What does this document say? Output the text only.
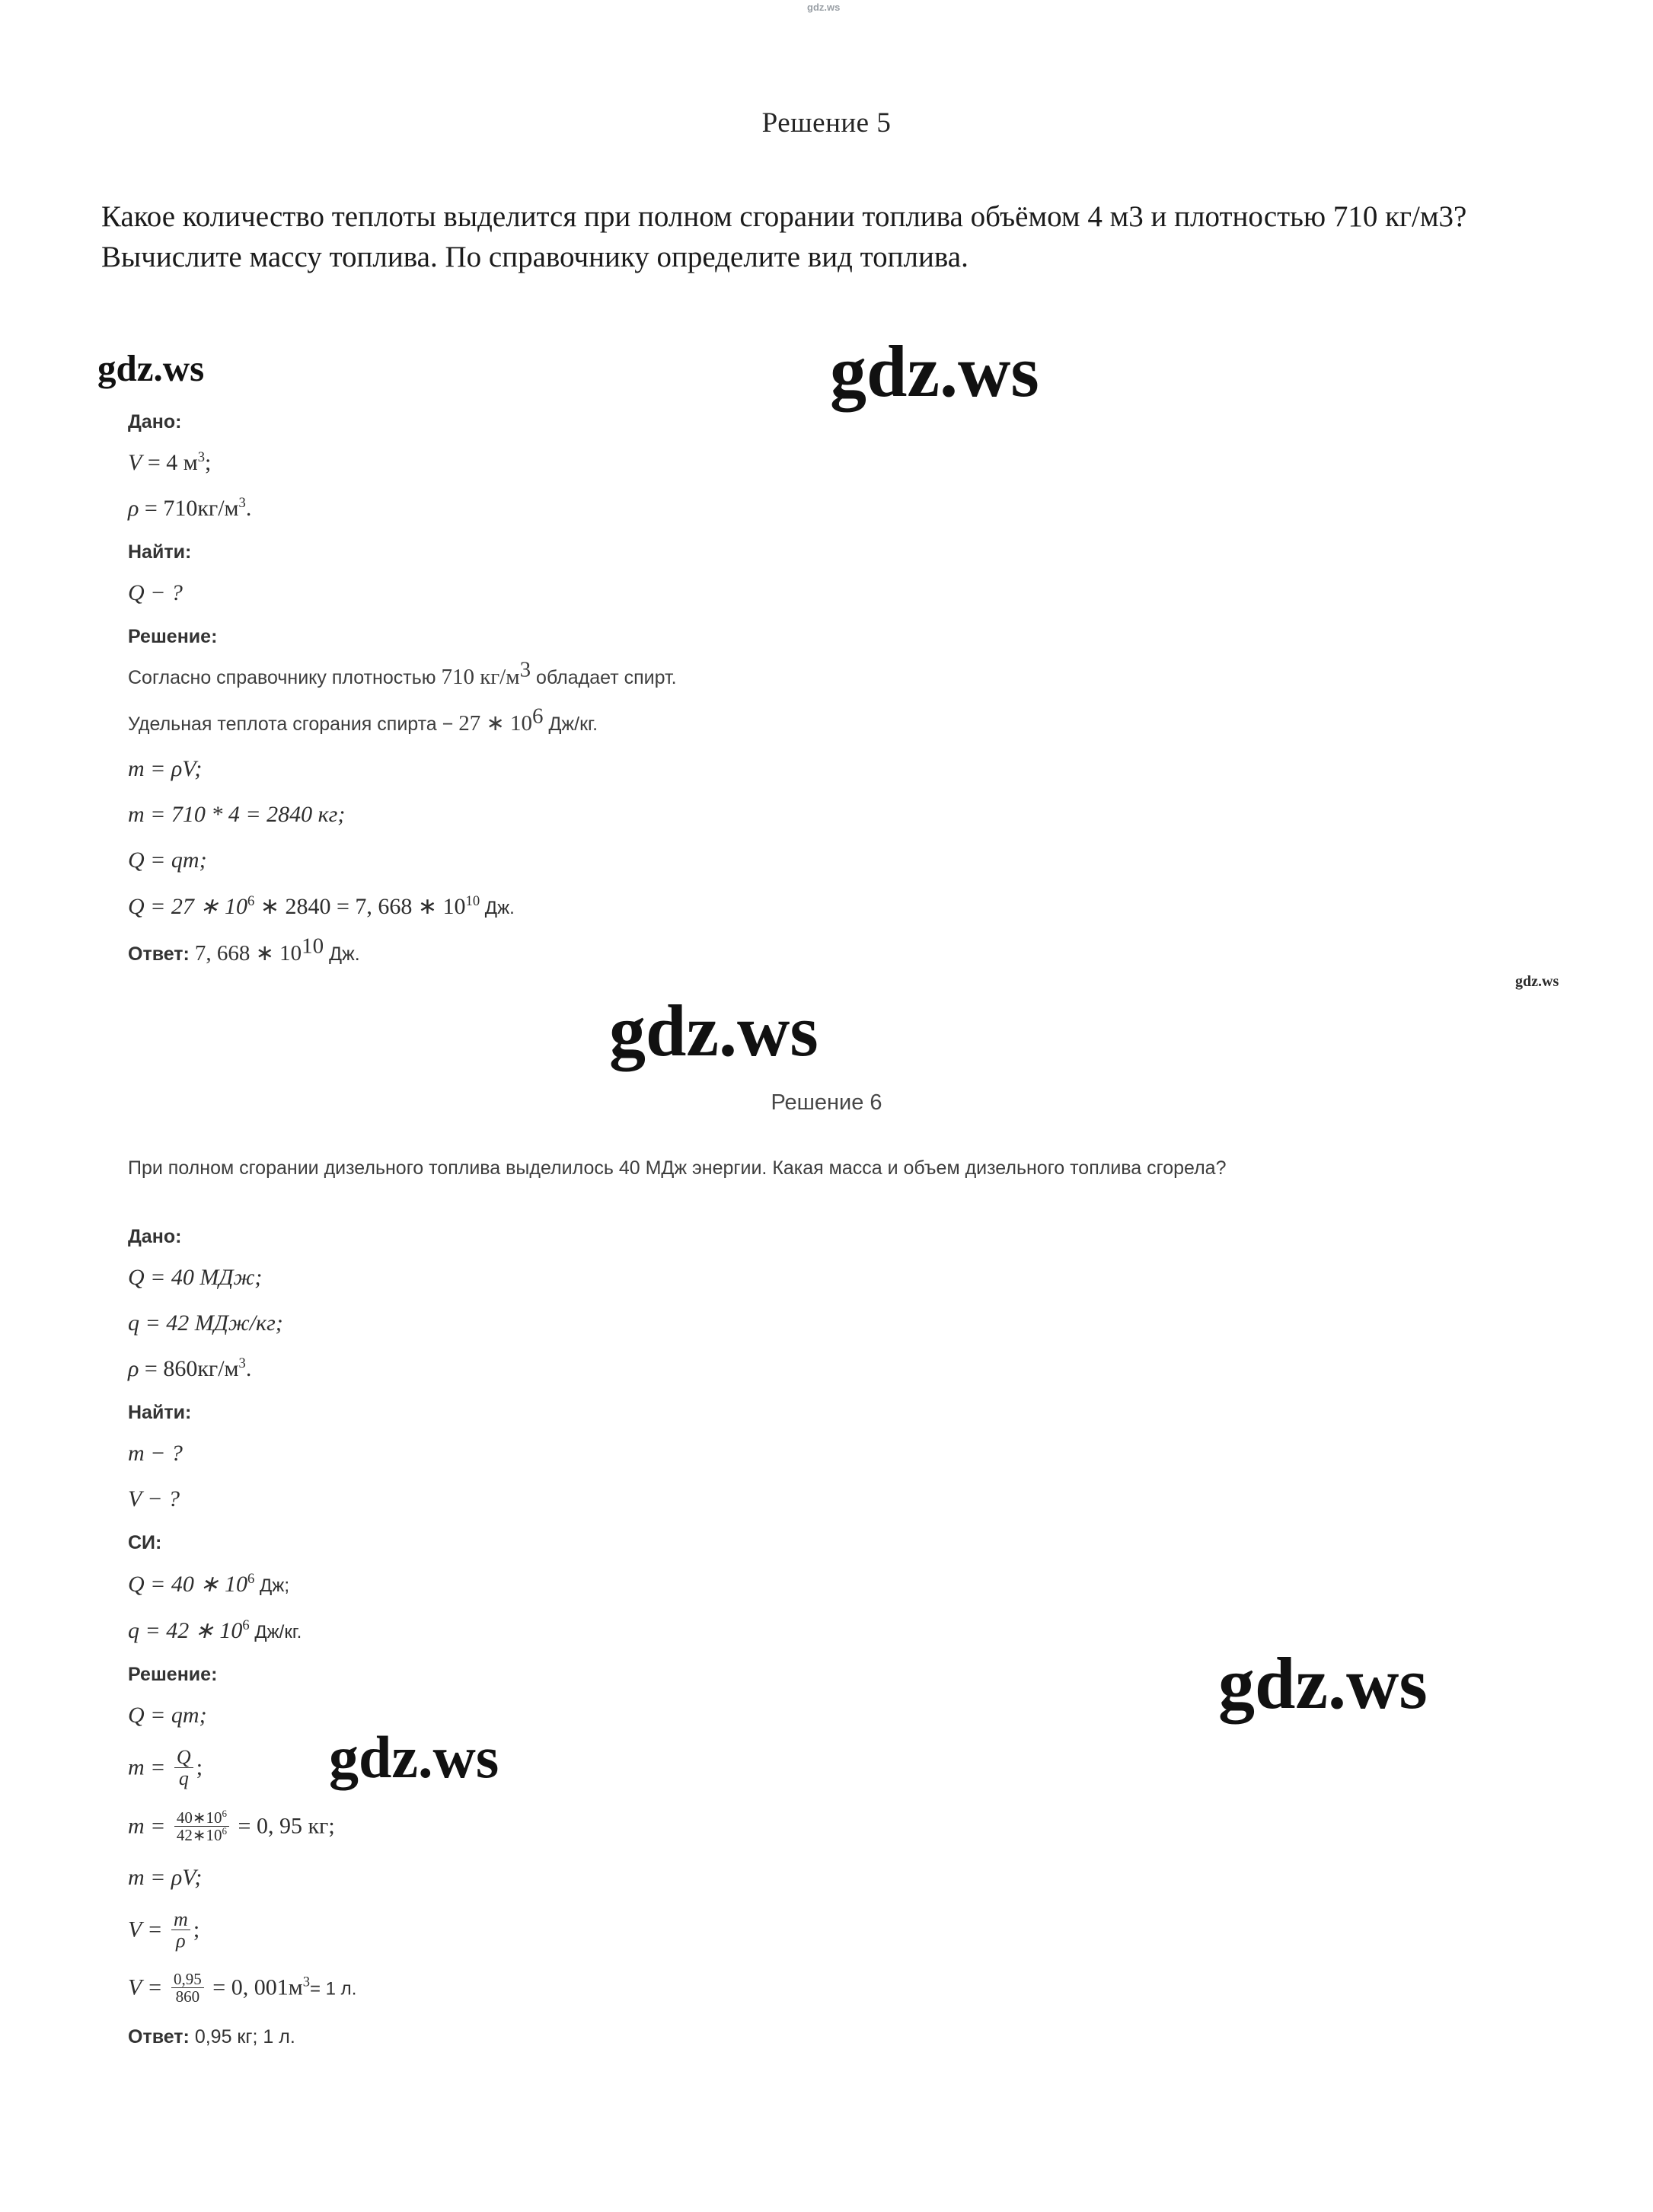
gdz.ws
Решение 5
Какое количество теплоты выделится при полном сгорании топлива объёмом 4 м3 и плотностью 710 кг/м3? Вычислите массу топлива. По справочнику определите вид топлива.

Дано:

V = 4 $м^3$;

$\rho = 710кг/м^3$.

Найти:

Q − ?

Решение:

Согласно справочнику плотностью 710 $кг/м^3$ обладает спирт.

Удельная теплота сгорания спирта − 27 ∗ $10^6$ Дж/кг.

m = ρV;

m = 710 * 4 = 2840 кг;

Q = qm;

Q = 27 ∗ $10^6$ ∗ 2840 = 7, 668 ∗ $10^{10}$ Дж.

Ответ: 7, 668 ∗ $10^{10}$ Дж.

Решение 6
При полном сгорании дизельного топлива выделилось 40 МДж энергии. Какая масса и объем дизельного топлива сгорела?

Дано:

Q = 40 МДж;

q = 42 МДж/кг;

$\rho = 860кг/м^3$.

Найти:

m − ?

V − ?

СИ:

Q = 40 ∗ $10^6$ Дж;

q = 42 ∗ $10^6$ Дж/кг.

Решение:

Q = qm;

$m = \frac{Q}{q}$ ;

$m = \frac{40∗10^6}{42∗10^6} = 0$, 95 кг;

m = ρV;

$V = \frac{m}{\rho}$ ;

$V = \frac{0,95}{860} = 0$, $001м^3= 1$ л.

Ответ: 0,95 кг; 1 л.

gdz.ws	gdz.ws
gdz.ws
gdz.ws
gdz.ws
gdz.ws
